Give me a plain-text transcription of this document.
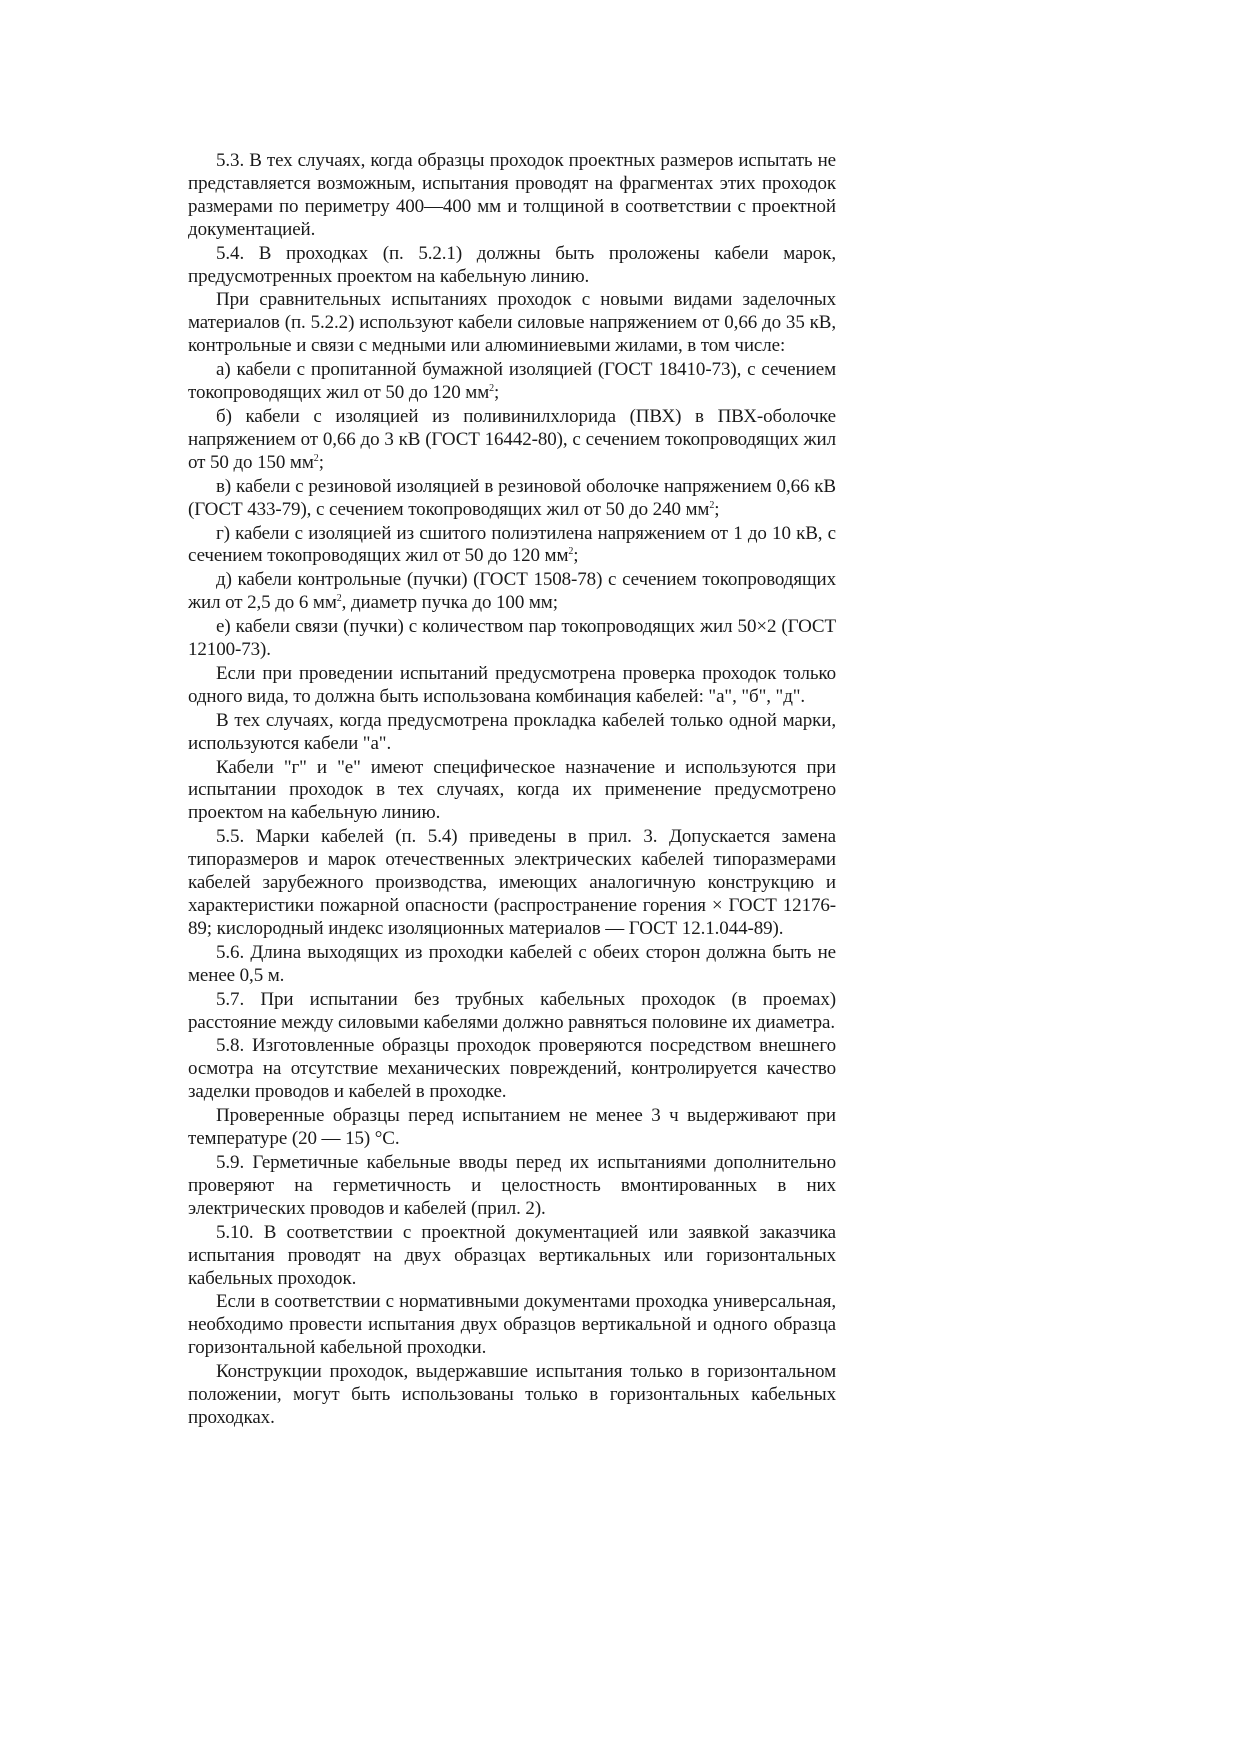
5.3. В тех случаях, когда образцы проходок проектных размеров испытать не представляется возможным, испытания проводят на фрагментах этих проходок размерами по периметру 400—400 мм и толщиной в соответствии с проектной документацией.

5.4. В проходках (п. 5.2.1) должны быть проложены кабели марок, предусмотренных проектом на кабельную линию.

При сравнительных испытаниях проходок с новыми видами заделочных материалов (п. 5.2.2) используют кабели силовые напряжением от 0,66 до 35 кВ, контрольные и связи с медными или алюминиевыми жилами, в том числе:

а) кабели с пропитанной бумажной изоляцией (ГОСТ 18410-73), с сечением токопроводящих жил от 50 до 120 $мм^2$;

б) кабели с изоляцией из поливинилхлорида (ПВХ) в ПВХ-оболочке напряжением от 0,66 до 3 кВ (ГОСТ 16442-80), с сечением токопроводящих жил от 50 до 150 $мм^2$;

в) кабели с резиновой изоляцией в резиновой оболочке напряжением 0,66 кВ (ГОСТ 433-79), с сечением токопроводящих жил от 50 до 240 $мм^2$;

г) кабели с изоляцией из сшитого полиэтилена напряжением от 1 до 10 кВ, с сечением токопроводящих жил от 50 до 120 $мм^2$;

д) кабели контрольные (пучки) (ГОСТ 1508-78) с сечением токопроводящих жил от 2,5 до 6 $мм^2$, диаметр пучка до 100 мм;

е) кабели связи (пучки) с количеством пар токопроводящих жил 50×2 (ГОСТ 12100-73).

Если при проведении испытаний предусмотрена проверка проходок только одного вида, то должна быть использована комбинация кабелей: "а", "б", "д".

В тех случаях, когда предусмотрена прокладка кабелей только одной марки, используются кабели "а".

Кабели "г" и "е" имеют специфическое назначение и используются при испытании проходок в тех случаях, когда их применение предусмотрено проектом на кабельную линию.

5.5. Марки кабелей (п. 5.4) приведены в прил. 3. Допускается замена типоразмеров и марок отечественных электрических кабелей типоразмерами кабелей зарубежного производства, имеющих аналогичную конструкцию и характеристики пожарной опасности (распространение горения × ГОСТ 12176-89; кислородный индекс изоляционных материалов — ГОСТ 12.1.044-89).

5.6. Длина выходящих из проходки кабелей с обеих сторон должна быть не менее 0,5 м.

5.7. При испытании без трубных кабельных проходок (в проемах) расстояние между силовыми кабелями должно равняться половине их диаметра.

5.8. Изготовленные образцы проходок проверяются посредством внешнего осмотра на отсутствие механических повреждений, контролируется качество заделки проводов и кабелей в проходке.

Проверенные образцы перед испытанием не менее 3 ч выдерживают при температуре (20 — 15) °С.

5.9. Герметичные кабельные вводы перед их испытаниями дополнительно проверяют на герметичность и целостность вмонтированных в них электрических проводов и кабелей (прил. 2).

5.10. В соответствии с проектной документацией или заявкой заказчика испытания проводят на двух образцах вертикальных или горизонтальных кабельных проходок.

Если в соответствии с нормативными документами проходка универсальная, необходимо провести испытания двух образцов вертикальной и одного образца горизонтальной кабельной проходки.

Конструкции проходок, выдержавшие испытания только в горизонтальном положении, могут быть использованы только в горизонтальных кабельных проходках.
